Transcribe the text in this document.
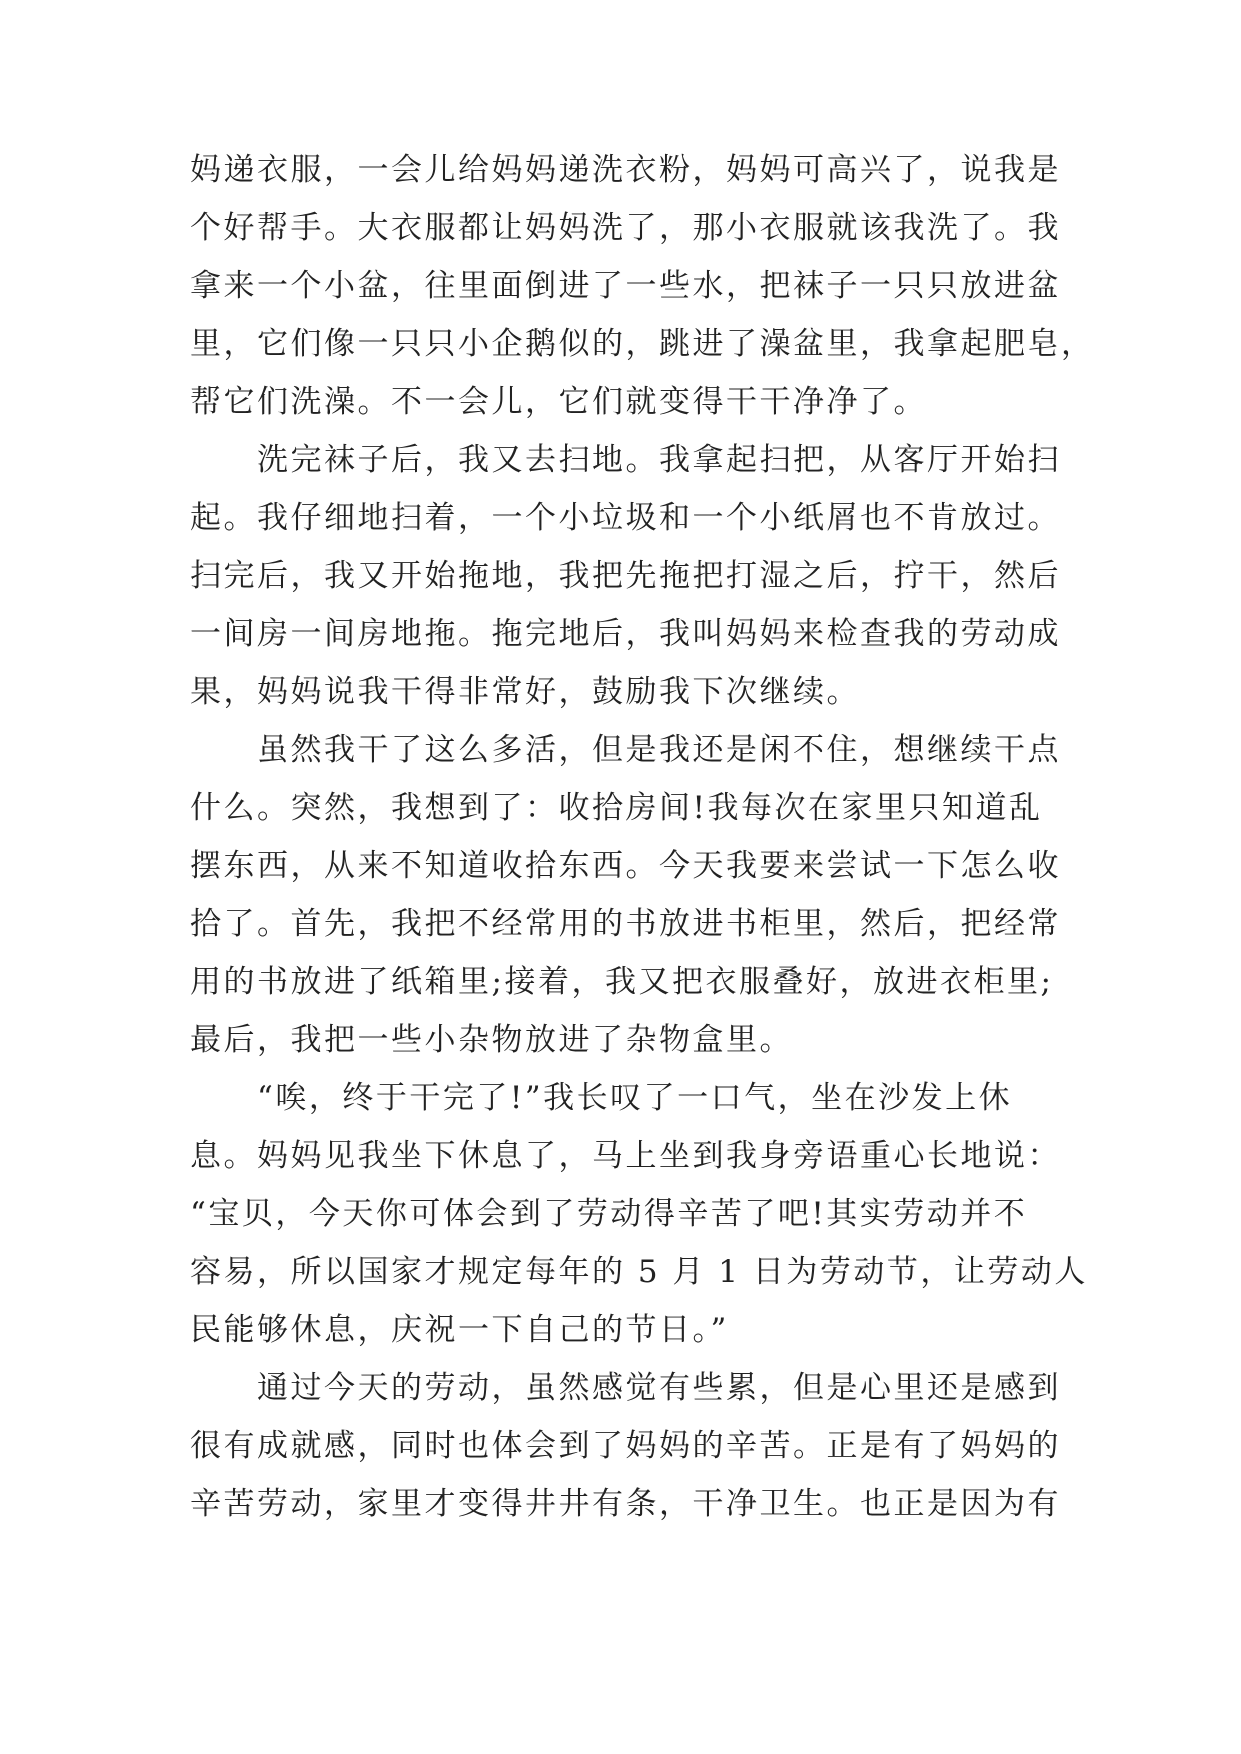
妈递衣服，一会儿给妈妈递洗衣粉，妈妈可高兴了，说我是
个好帮手。大衣服都让妈妈洗了，那小衣服就该我洗了。我
拿来一个小盆，往里面倒进了一些水，把袜子一只只放进盆
里，它们像一只只小企鹅似的，跳进了澡盆里，我拿起肥皂，
帮它们洗澡。不一会儿，它们就变得干干净净了。
　　洗完袜子后，我又去扫地。我拿起扫把，从客厅开始扫
起。我仔细地扫着，一个小垃圾和一个小纸屑也不肯放过。
扫完后，我又开始拖地，我把先拖把打湿之后，拧干，然后
一间房一间房地拖。拖完地后，我叫妈妈来检查我的劳动成
果，妈妈说我干得非常好，鼓励我下次继续。
　　虽然我干了这么多活，但是我还是闲不住，想继续干点
什么。突然，我想到了：收拾房间!我每次在家里只知道乱
摆东西，从来不知道收拾东西。今天我要来尝试一下怎么收
拾了。首先，我把不经常用的书放进书柜里，然后，把经常
用的书放进了纸箱里;接着，我又把衣服叠好，放进衣柜里;
最后，我把一些小杂物放进了杂物盒里。
　　“唉，终于干完了!”我长叹了一口气，坐在沙发上休
息。妈妈见我坐下休息了，马上坐到我身旁语重心长地说：
“宝贝，今天你可体会到了劳动得辛苦了吧!其实劳动并不
容易，所以国家才规定每年的 5 月 1 日为劳动节，让劳动人
民能够休息，庆祝一下自己的节日。”
　　通过今天的劳动，虽然感觉有些累，但是心里还是感到
很有成就感，同时也体会到了妈妈的辛苦。正是有了妈妈的
辛苦劳动，家里才变得井井有条，干净卫生。也正是因为有
